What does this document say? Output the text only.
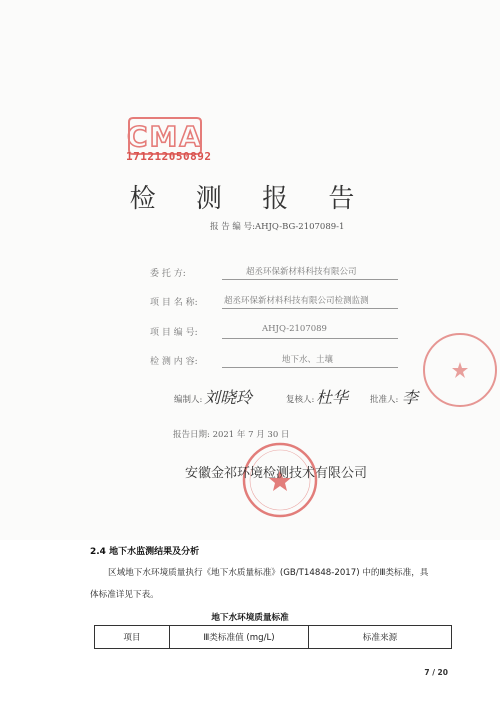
CMA
171212050892
检 测 报 告
报 告 编 号:AHJQ-BG-2107089-1
委 托 方:	超丞环保新材料科技有限公司
项 目 名 称:	超丞环保新材料科技有限公司检测监测
项 目 编 号:	AHJQ-2107089
检 测 内 容:	地下水、土壤
编制人: 刘晓玲	复核人: 杜华	批准人: 李
报告日期: 2021 年 7 月 30 日
安徽金祁环境检测技术有限公司
2.4 地下水监测结果及分析
区域地下水环境质量执行《地下水质量标准》(GB/T14848-2017) 中的Ⅲ类标准，具
体标准详见下表。
地下水环境质量标准
项目	Ⅲ类标准值 (mg/L)	标准来源
7 / 20
